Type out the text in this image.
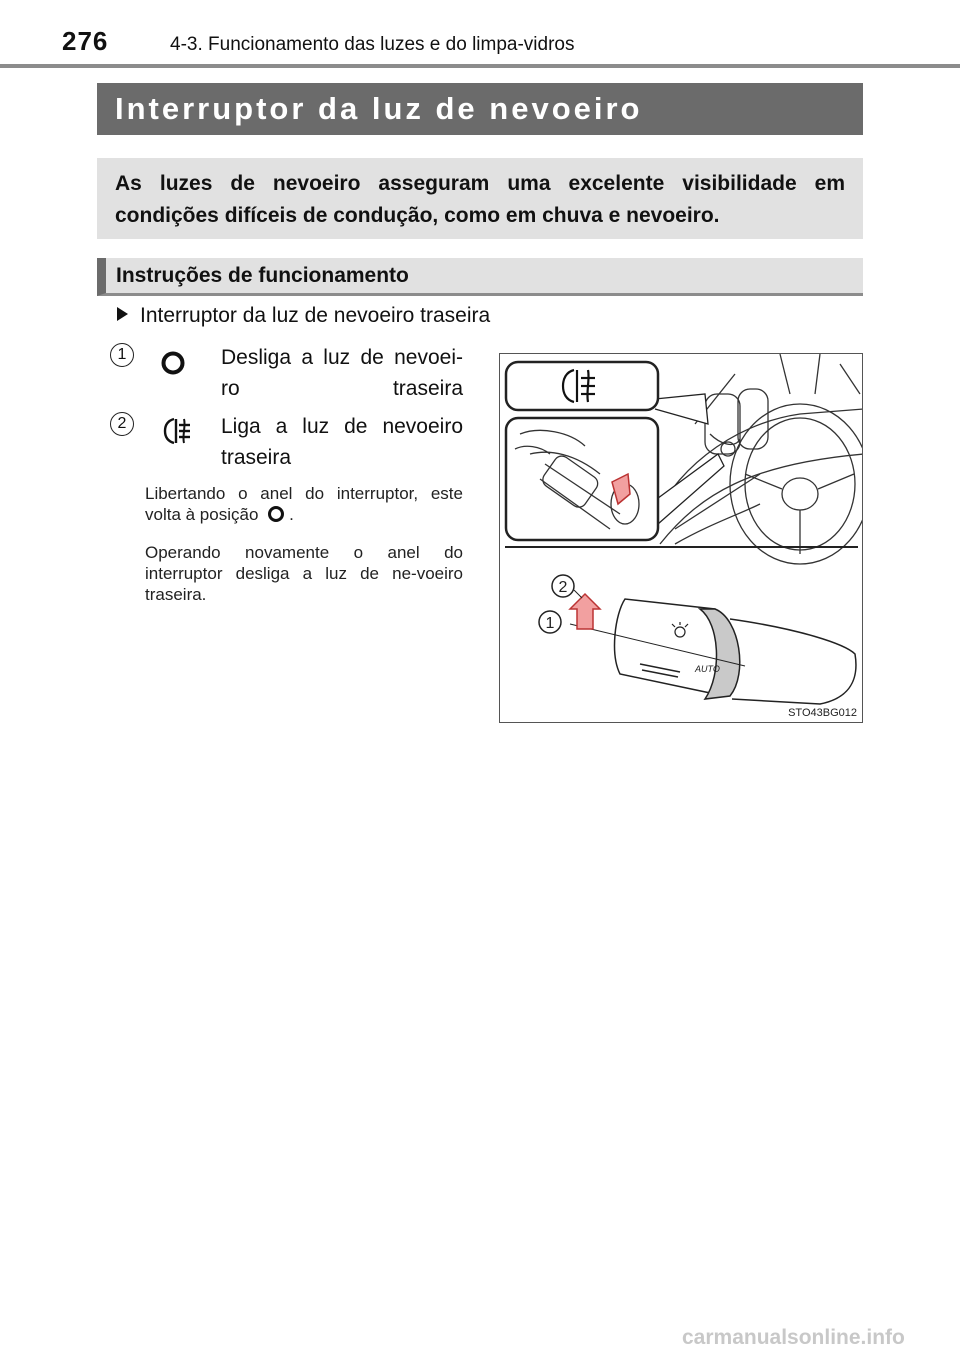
276	4-3. Funcionamento das luzes e do limpa-vidros
Interruptor da luz de nevoeiro
As luzes de nevoeiro asseguram uma excelente visibilidade em condições difíceis de condução, como em chuva e nevoeiro.
Instruções de funcionamento
Interruptor da luz de nevoeiro traseira
1	Desliga a luz de nevoei-ro traseira
2	Liga a luz de nevoeiro traseira
Libertando o anel do interruptor, este volta à posição .
Operando novamente o anel do interruptor desliga a luz de ne-voeiro traseira.
AUTO
2
1
STO43BG012
carmanualsonline.info
